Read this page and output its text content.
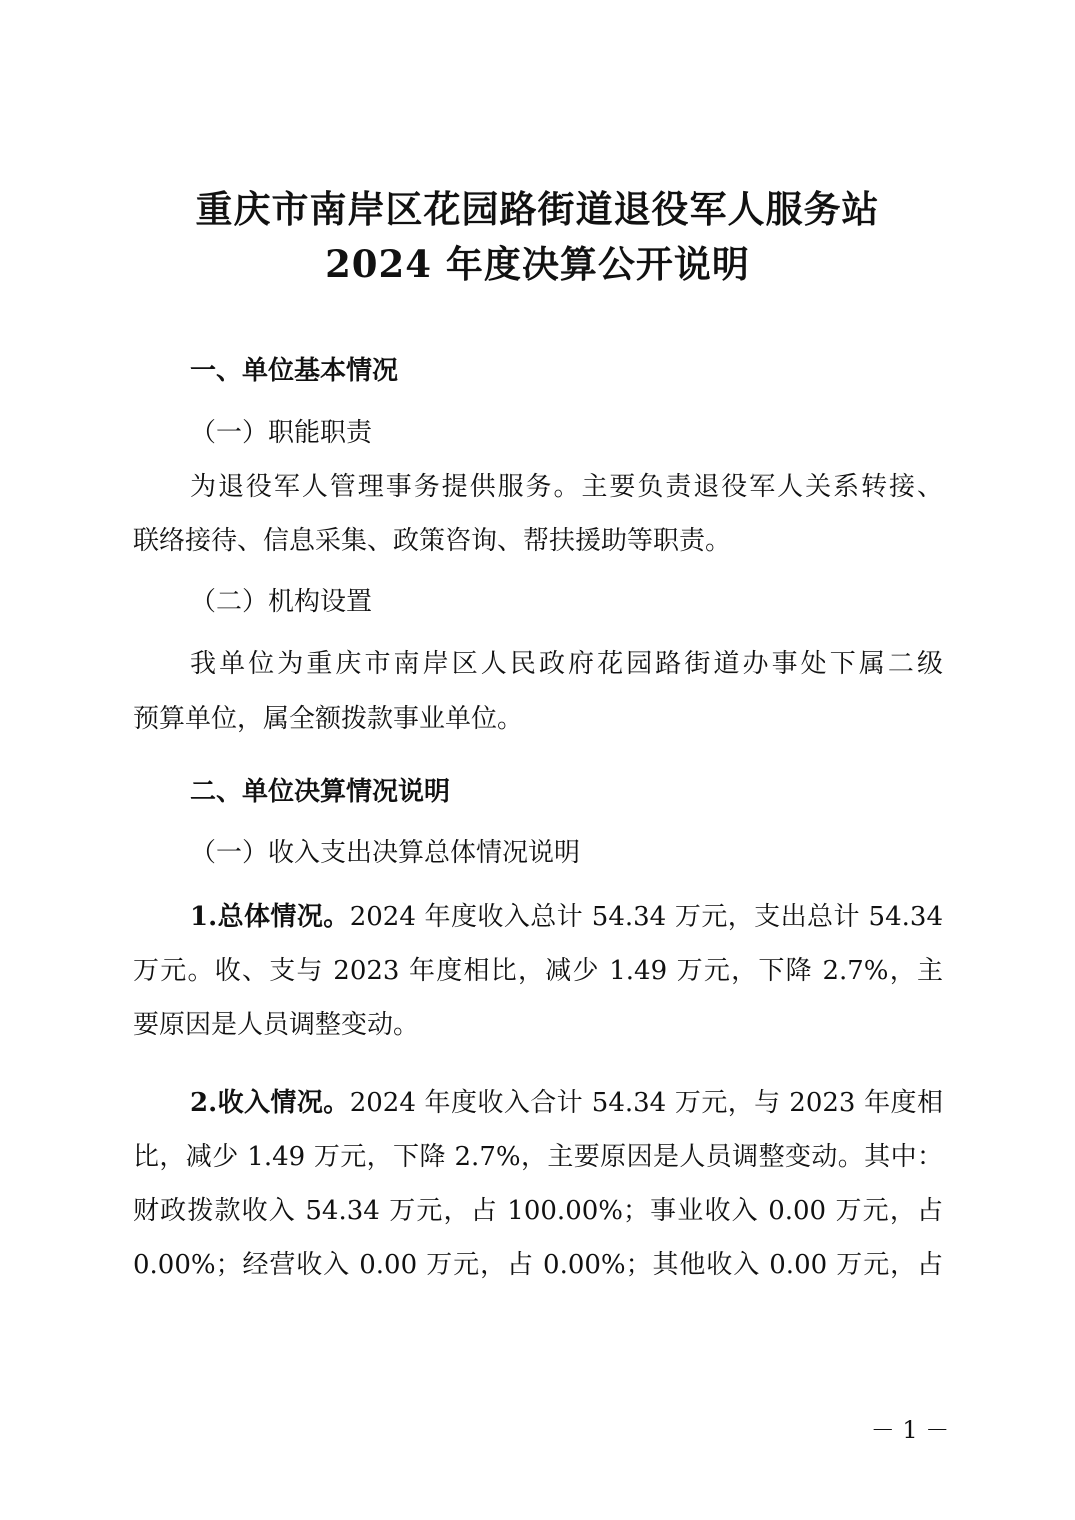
重庆市南岸区花园路街道退役军人服务站
2024 年度决算公开说明
一、单位基本情况
（一）职能职责
为退役军人管理事务提供服务。主要负责退役军人关系转接、
联络接待、信息采集、政策咨询、帮扶援助等职责。
（二）机构设置
我单位为重庆市南岸区人民政府花园路街道办事处下属二级
预算单位，属全额拨款事业单位。
二、单位决算情况说明
（一）收入支出决算总体情况说明
1.总体情况。2024 年度收入总计 54.34 万元，支出总计 54.34
万元。收、支与 2023 年度相比，减少 1.49 万元，下降 2.7%，主
要原因是人员调整变动。
2.收入情况。2024 年度收入合计 54.34 万元，与 2023 年度相
比，减少 1.49 万元，下降 2.7%，主要原因是人员调整变动。其中：
财政拨款收入 54.34 万元，占 100.00%；事业收入 0.00 万元，占
0.00%；经营收入 0.00 万元，占 0.00%；其他收入 0.00 万元，占
－ 1 －
